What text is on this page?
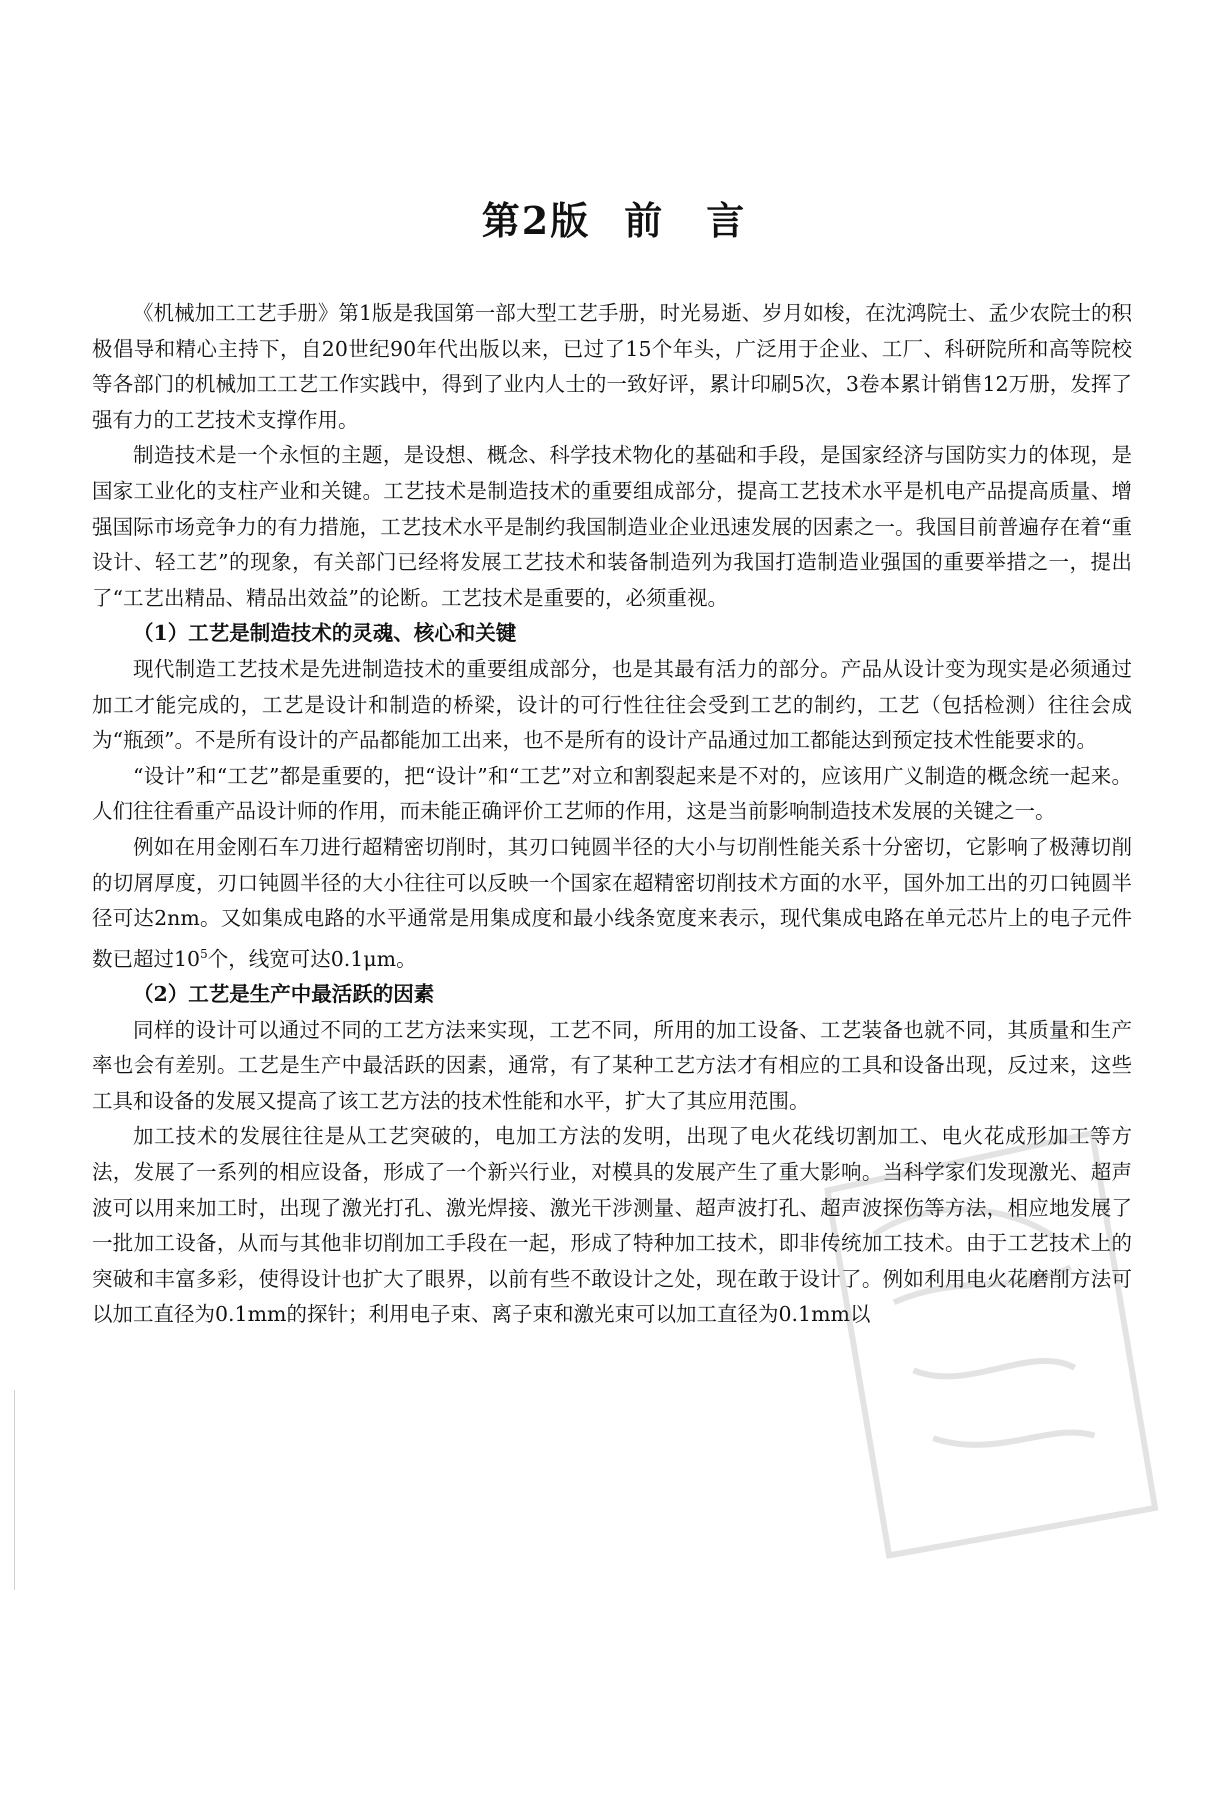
第2版 前 言

《机械加工工艺手册》第1版是我国第一部大型工艺手册，时光易逝、岁月如梭，在沈鸿院士、孟少农院士的积极倡导和精心主持下，自20世纪90年代出版以来，已过了15个年头，广泛用于企业、工厂、科研院所和高等院校等各部门的机械加工工艺工作实践中，得到了业内人士的一致好评，累计印刷5次，3卷本累计销售12万册，发挥了强有力的工艺技术支撑作用。

制造技术是一个永恒的主题，是设想、概念、科学技术物化的基础和手段，是国家经济与国防实力的体现，是国家工业化的支柱产业和关键。工艺技术是制造技术的重要组成部分，提高工艺技术水平是机电产品提高质量、增强国际市场竞争力的有力措施，工艺技术水平是制约我国制造业企业迅速发展的因素之一。我国目前普遍存在着“重设计、轻工艺”的现象，有关部门已经将发展工艺技术和装备制造列为我国打造制造业强国的重要举措之一，提出了“工艺出精品、精品出效益”的论断。工艺技术是重要的，必须重视。

（1）工艺是制造技术的灵魂、核心和关键

现代制造工艺技术是先进制造技术的重要组成部分，也是其最有活力的部分。产品从设计变为现实是必须通过加工才能完成的，工艺是设计和制造的桥梁，设计的可行性往往会受到工艺的制约，工艺（包括检测）往往会成为“瓶颈”。不是所有设计的产品都能加工出来，也不是所有的设计产品通过加工都能达到预定技术性能要求的。

“设计”和“工艺”都是重要的，把“设计”和“工艺”对立和割裂起来是不对的，应该用广义制造的概念统一起来。人们往往看重产品设计师的作用，而未能正确评价工艺师的作用，这是当前影响制造技术发展的关键之一。

例如在用金刚石车刀进行超精密切削时，其刃口钝圆半径的大小与切削性能关系十分密切，它影响了极薄切削的切屑厚度，刃口钝圆半径的大小往往可以反映一个国家在超精密切削技术方面的水平，国外加工出的刃口钝圆半径可达2nm。又如集成电路的水平通常是用集成度和最小线条宽度来表示，现代集成电路在单元芯片上的电子元件数已超过$10^5$个，线宽可达0.1μm。

（2）工艺是生产中最活跃的因素

同样的设计可以通过不同的工艺方法来实现，工艺不同，所用的加工设备、工艺装备也就不同，其质量和生产率也会有差别。工艺是生产中最活跃的因素，通常，有了某种工艺方法才有相应的工具和设备出现，反过来，这些工具和设备的发展又提高了该工艺方法的技术性能和水平，扩大了其应用范围。

加工技术的发展往往是从工艺突破的，电加工方法的发明，出现了电火花线切割加工、电火花成形加工等方法，发展了一系列的相应设备，形成了一个新兴行业，对模具的发展产生了重大影响。当科学家们发现激光、超声波可以用来加工时，出现了激光打孔、激光焊接、激光干涉测量、超声波打孔、超声波探伤等方法，相应地发展了一批加工设备，从而与其他非切削加工手段在一起，形成了特种加工技术，即非传统加工技术。由于工艺技术上的突破和丰富多彩，使得设计也扩大了眼界，以前有些不敢设计之处，现在敢于设计了。例如利用电火花磨削方法可以加工直径为0.1mm的探针；利用电子束、离子束和激光束可以加工直径为0.1mm以
